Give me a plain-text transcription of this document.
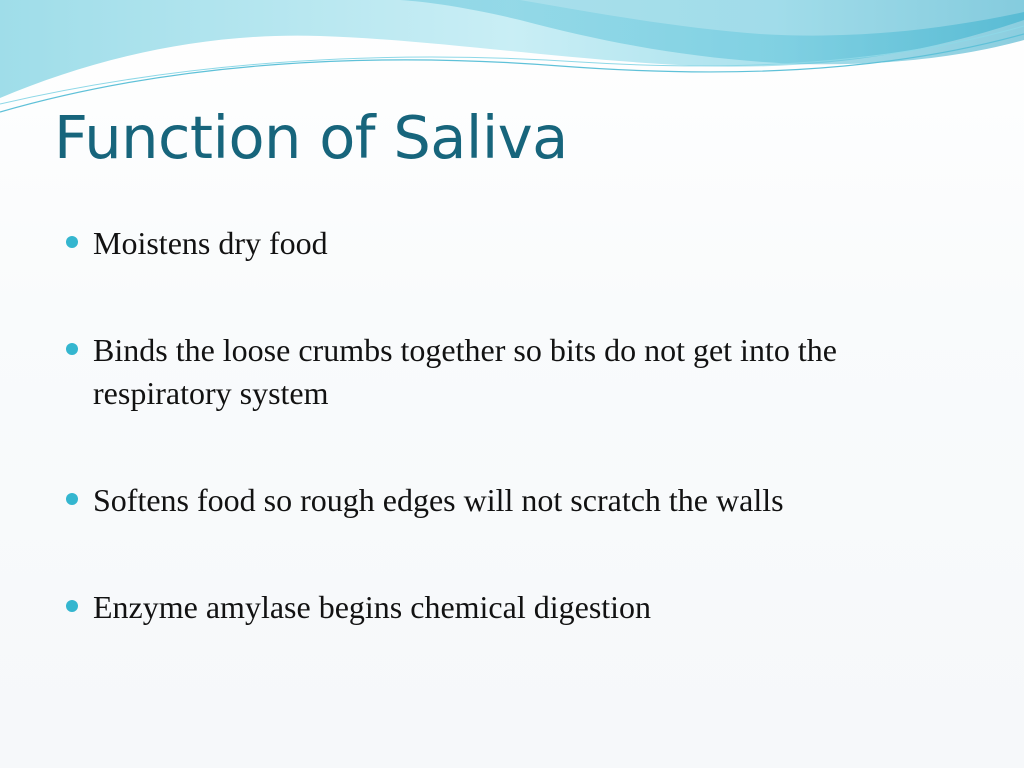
Function of Saliva
Moistens dry food
Binds the loose crumbs together so bits do not get into the respiratory system
Softens food so rough edges will not scratch the walls
Enzyme amylase begins chemical digestion
